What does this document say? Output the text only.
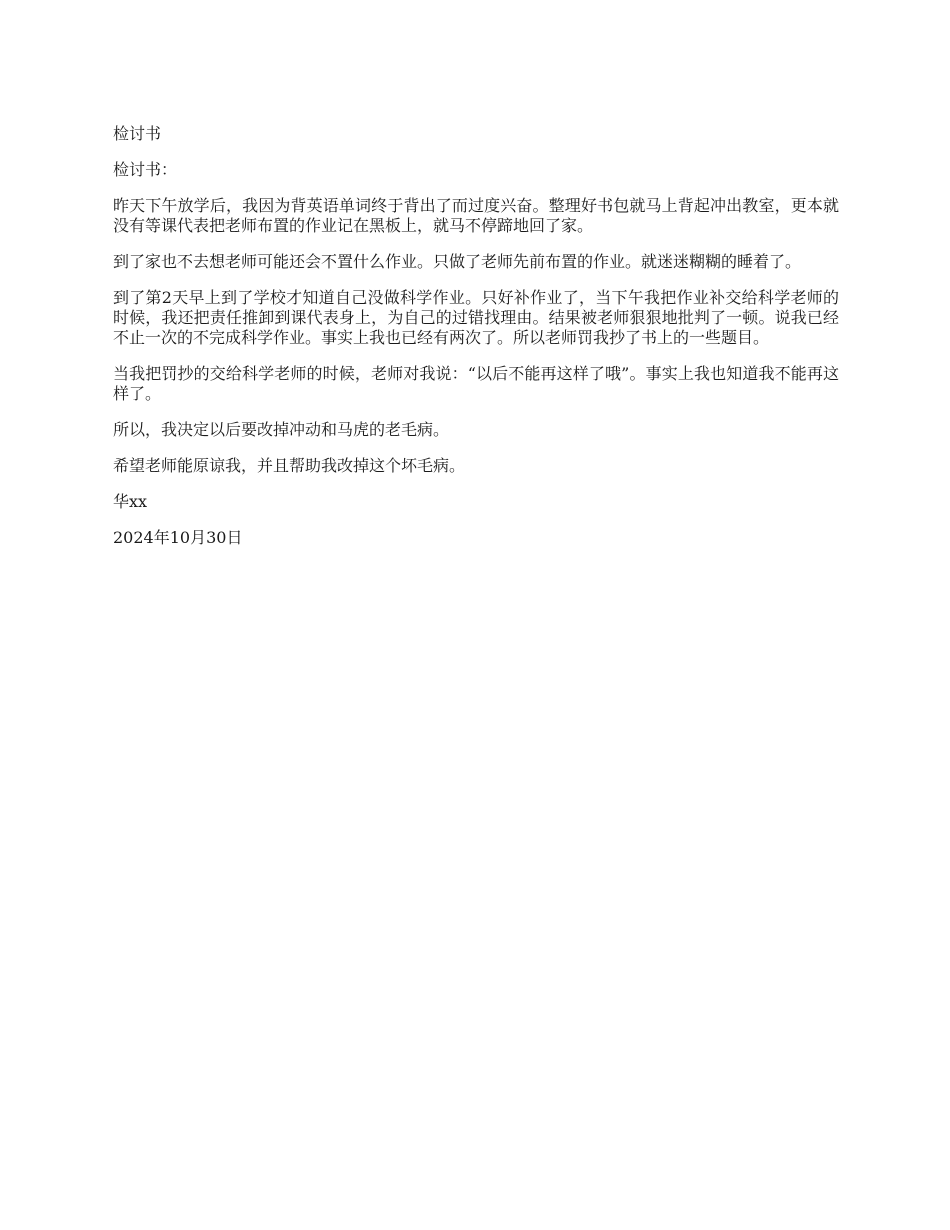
检讨书

检讨书：

昨天下午放学后，我因为背英语单词终于背出了而过度兴奋。整理好书包就马上背起冲出教室，更本就没有等课代表把老师布置的作业记在黑板上，就马不停蹄地回了家。

到了家也不去想老师可能还会不置什么作业。只做了老师先前布置的作业。就迷迷糊糊的睡着了。

到了第2天早上到了学校才知道自己没做科学作业。只好补作业了，当下午我把作业补交给科学老师的时候，我还把责任推卸到课代表身上，为自己的过错找理由。结果被老师狠狠地批判了一顿。说我已经不止一次的不完成科学作业。事实上我也已经有两次了。所以老师罚我抄了书上的一些题目。

当我把罚抄的交给科学老师的时候，老师对我说：“以后不能再这样了哦”。事实上我也知道我不能再这样了。

所以，我决定以后要改掉冲动和马虎的老毛病。

希望老师能原谅我，并且帮助我改掉这个坏毛病。

华xx

2024年10月30日
